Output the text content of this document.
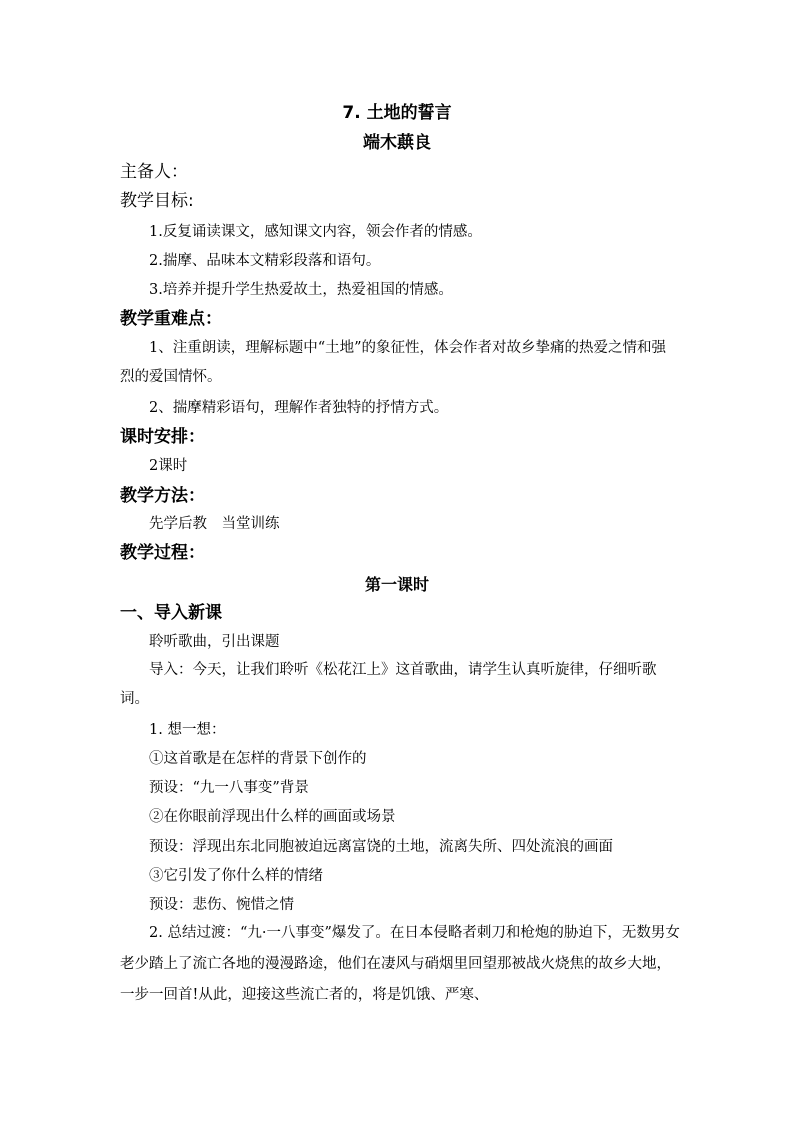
7. 土地的誓言
端木蕻良
主备人：
教学目标:
1.反复诵读课文，感知课文内容，领会作者的情感。
2.揣摩、品味本文精彩段落和语句。
3.培养并提升学生热爱故土，热爱祖国的情感。
教学重难点：
1、注重朗读，理解标题中“土地”的象征性，体会作者对故乡挚痛的热爱之情和强烈的爱国情怀。
2、揣摩精彩语句，理解作者独特的抒情方式。
课时安排：
2课时
教学方法：
先学后教　当堂训练
教学过程：
第一课时
一、导入新课
聆听歌曲，引出课题
导入：今天，让我们聆听《松花江上》这首歌曲，请学生认真听旋律，仔细听歌词。
1. 想一想：
①这首歌是在怎样的背景下创作的
预设：“九一八事变”背景
②在你眼前浮现出什么样的画面或场景
预设：浮现出东北同胞被迫远离富饶的土地，流离失所、四处流浪的画面
③它引发了你什么样的情绪
预设：悲伤、惋惜之情
2. 总结过渡：“九·一八事变”爆发了。在日本侵略者刺刀和枪炮的胁迫下，无数男女老少踏上了流亡各地的漫漫路途，他们在凄风与硝烟里回望那被战火烧焦的故乡大地，一步一回首!从此，迎接这些流亡者的，将是饥饿、严寒、
